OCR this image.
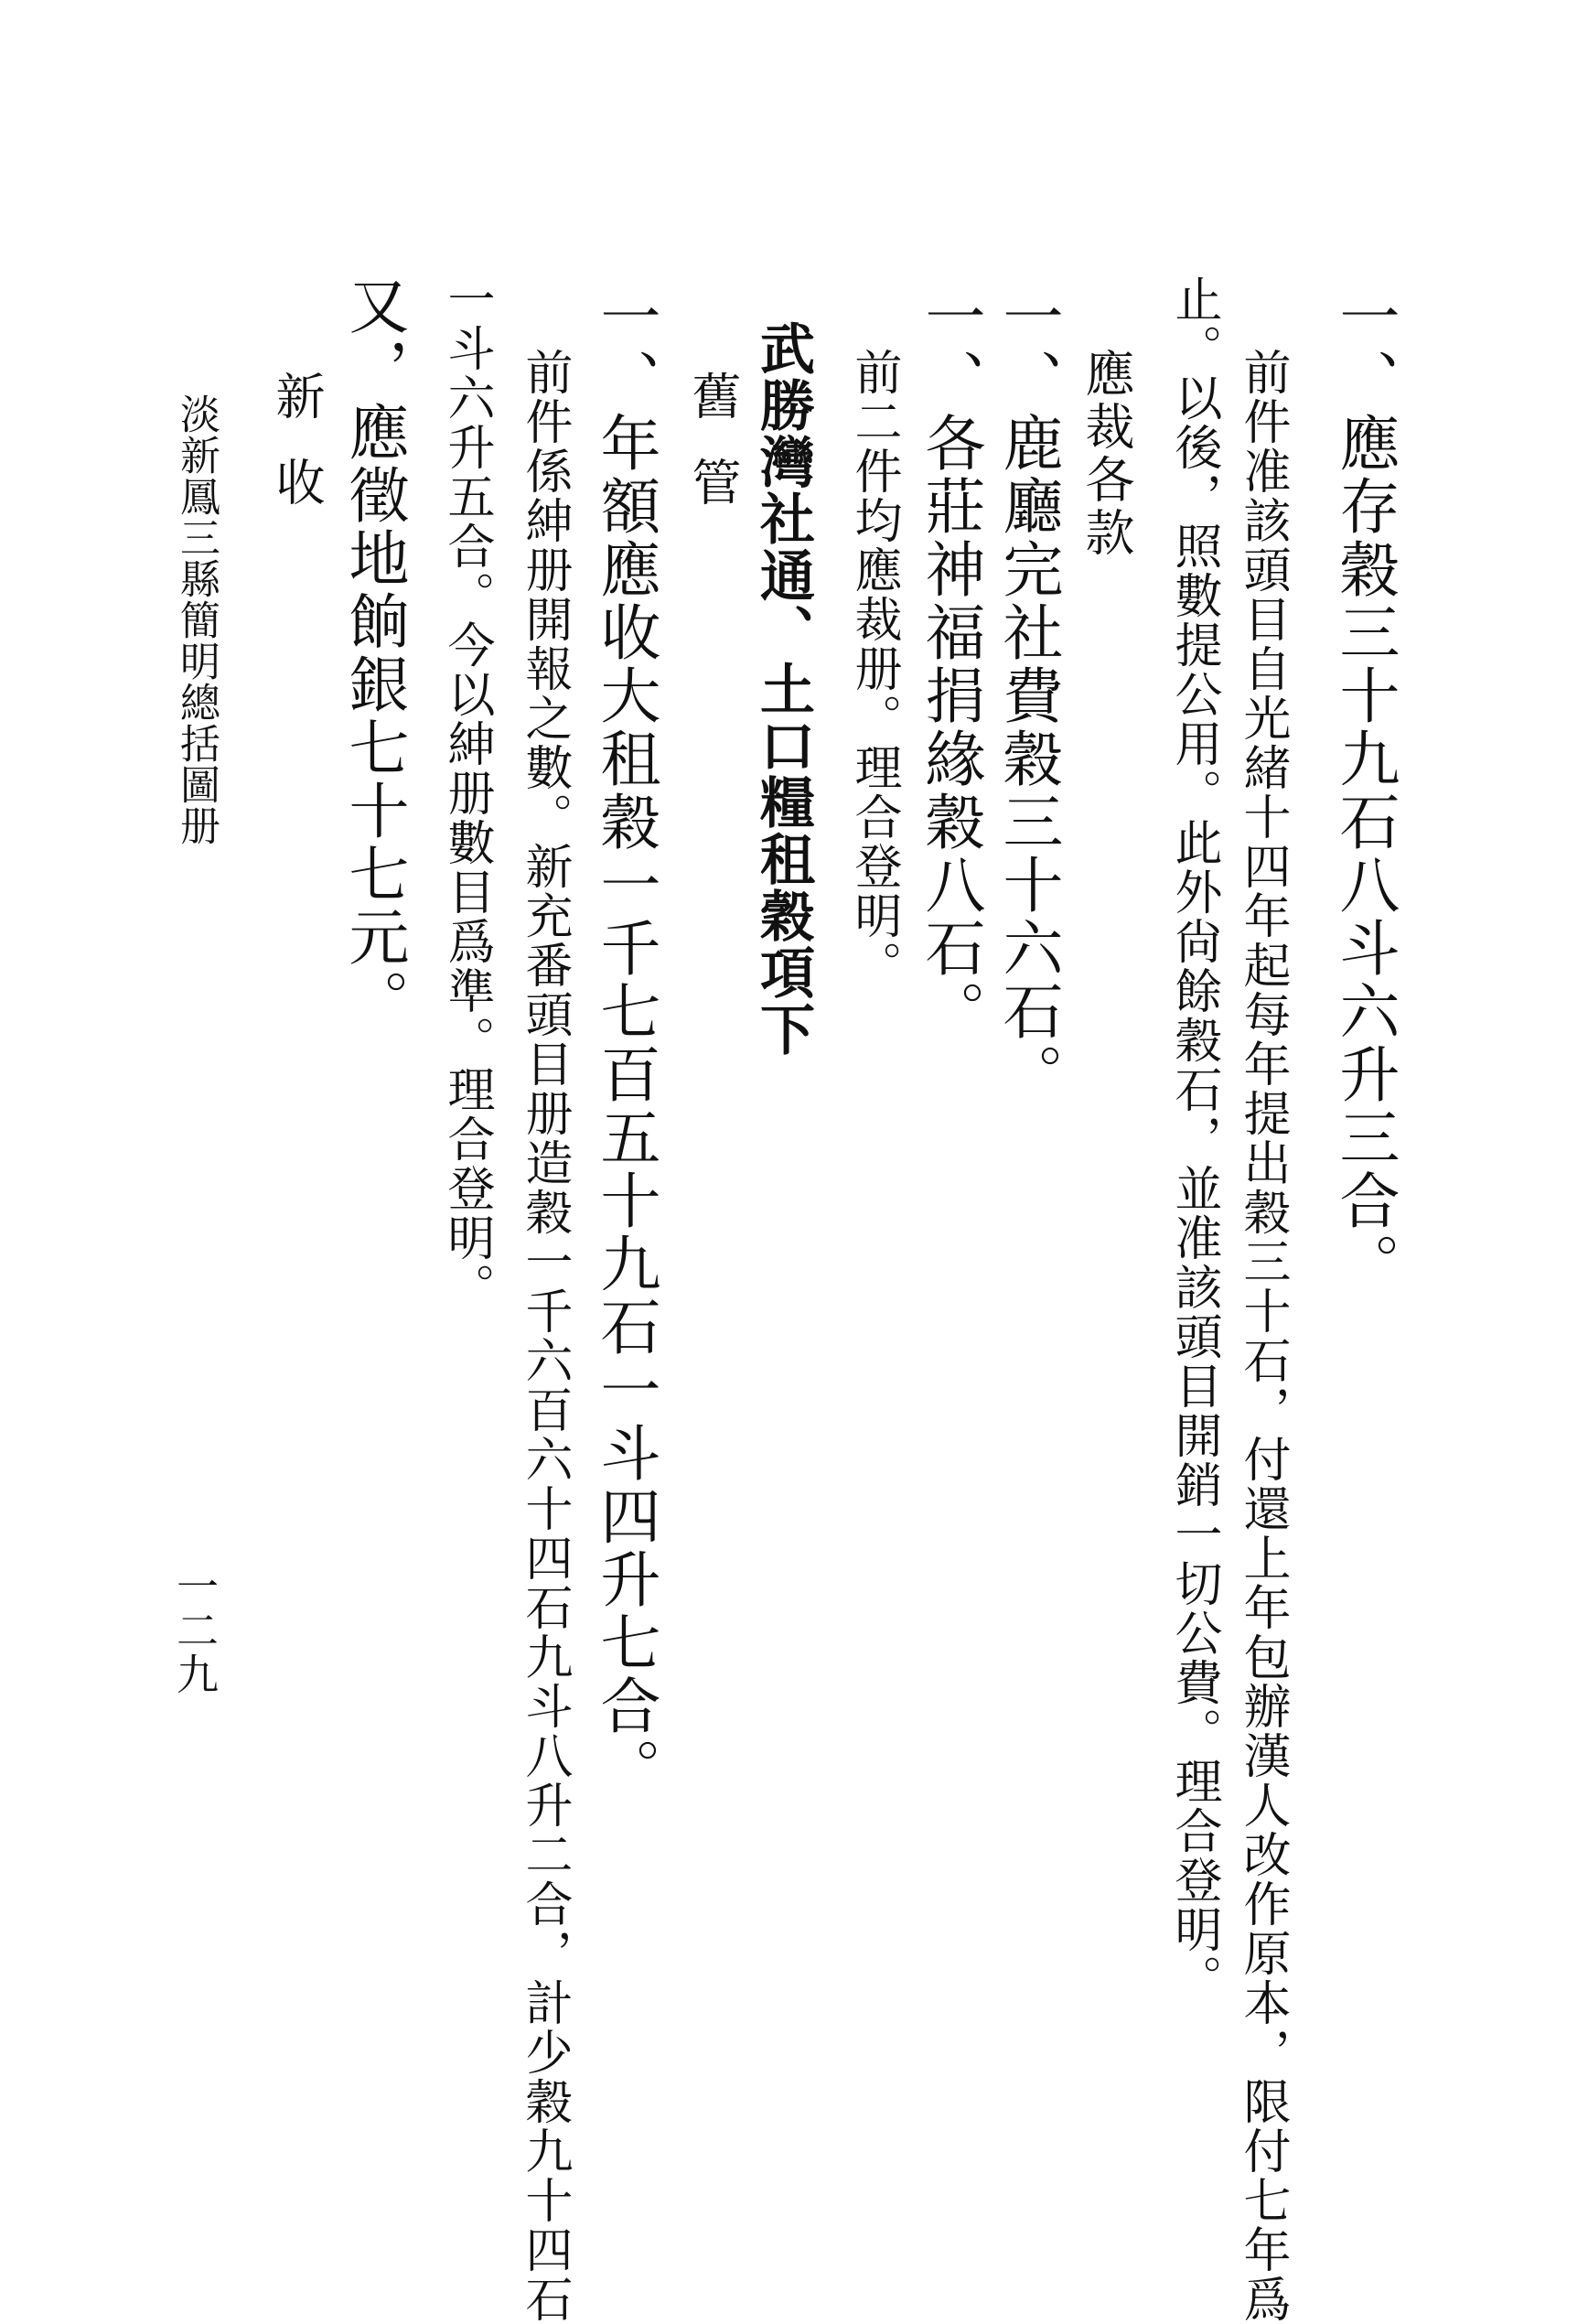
一、應存穀三十九石八斗六升三合。

前件准該頭目自光緒十四年起每年提出穀三十石，付還上年包辦漢人改作原本，限付七年爲

止。以後，照數提公用。此外尙餘穀石，並准該頭目開銷一切公費。理合登明。

應裁各款

一、鹿廳完社費穀三十六石。

一、各莊神福捐緣穀八石。

前二件均應裁册。理合登明。

武勝灣社通、土口糧租穀項下

舊管

一、年額應收大租穀一千七百五十九石一斗四升七合。

前件係紳册開報之數。新充番頭目册造穀一千六百六十四石九斗八升二合，計少穀九十四石

一斗六升五合。今以紳册數目爲準。理合登明。

又，應徵地餉銀七十七元。

新收

淡新鳳三縣簡明總括圖册

一二九
